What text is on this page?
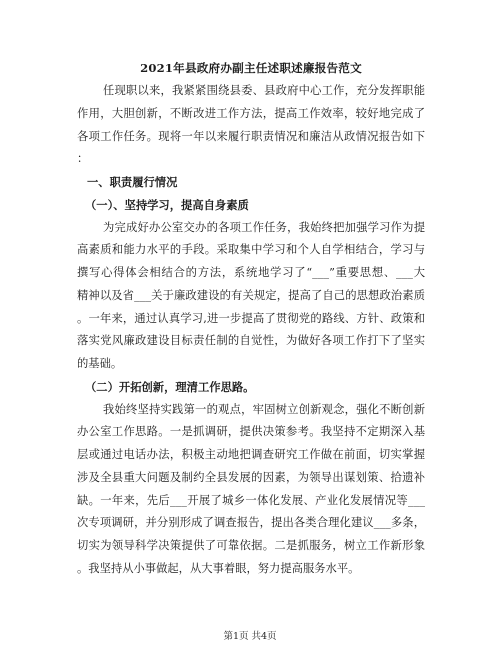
2021年县政府办副主任述职述廉报告范文
任现职以来，我紧紧围绕县委、县政府中心工作，充分发挥职能
作用，大胆创新，不断改进工作方法，提高工作效率，较好地完成了
各项工作任务。现将一年以来履行职责情况和廉洁从政情况报告如下
：
一、职责履行情况
（一）、坚持学习，提高自身素质
为完成好办公室交办的各项工作任务，我始终把加强学习作为提
高素质和能力水平的手段。采取集中学习和个人自学相结合，学习与
撰写心得体会相结合的方法，系统地学习了“___”重要思想、___大
精神以及省___关于廉政建设的有关规定，提高了自己的思想政治素质
。一年来，通过认真学习,进一步提高了贯彻党的路线、方针、政策和
落实党风廉政建设目标责任制的自觉性，为做好各项工作打下了坚实
的基础。
（二）开拓创新，理清工作思路。
我始终坚持实践第一的观点，牢固树立创新观念，强化不断创新
办公室工作思路。一是抓调研，提供决策参考。我坚持不定期深入基
层或通过电话办法，积极主动地把调查研究工作做在前面，切实掌握
涉及全县重大问题及制约全县发展的因素，为领导出谋划策、拾遗补
缺。一年来，先后___开展了城乡一体化发展、产业化发展情况等___
次专项调研，并分别形成了调查报告，提出各类合理化建议___多条，
切实为领导科学决策提供了可靠依据。二是抓服务，树立工作新形象
。我坚持从小事做起，从大事着眼，努力提高服务水平。
第1页 共4页
